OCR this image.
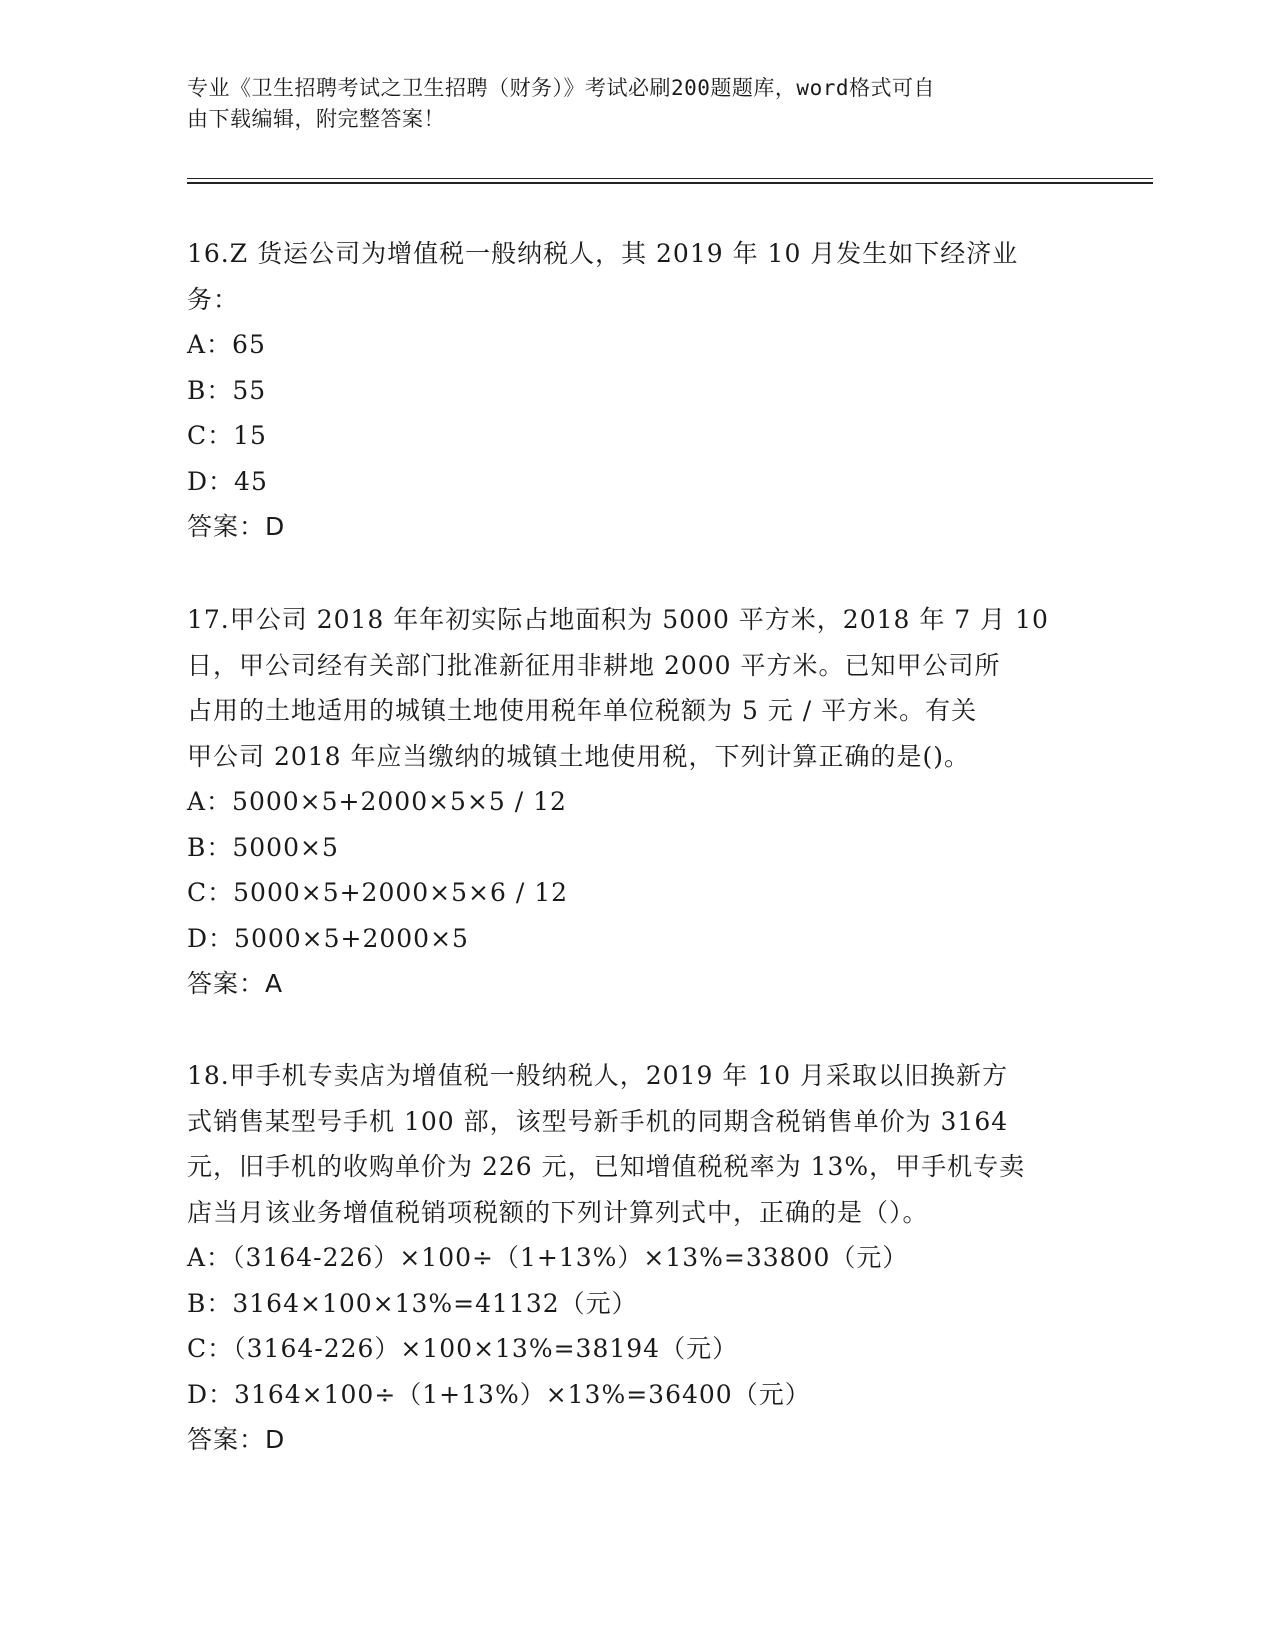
专业《卫生招聘考试之卫生招聘（财务）》考试必刷200题题库，word格式可自
由下载编辑，附完整答案！
16.Z 货运公司为增值税一般纳税人，其 2019 年 10 月发生如下经济业
务：
A：65
B：55
C：15
D：45
答案：D
17.甲公司 2018 年年初实际占地面积为 5000 平方米，2018 年 7 月 10
日，甲公司经有关部门批准新征用非耕地 2000 平方米。已知甲公司所
占用的土地适用的城镇土地使用税年单位税额为 5 元 / 平方米。有关
甲公司 2018 年应当缴纳的城镇土地使用税，下列计算正确的是()。
A：5000×5+2000×5×5 / 12
B：5000×5
C：5000×5+2000×5×6 / 12
D：5000×5+2000×5
答案：A
18.甲手机专卖店为增值税一般纳税人，2019 年 10 月采取以旧换新方
式销售某型号手机 100 部，该型号新手机的同期含税销售单价为 3164
元，旧手机的收购单价为 226 元，已知增值税税率为 13%，甲手机专卖
店当月该业务增值税销项税额的下列计算列式中，正确的是（）。
A：（3164-226）×100÷（1+13%）×13%=33800（元）
B：3164×100×13%=41132（元）
C：（3164-226）×100×13%=38194（元）
D：3164×100÷（1+13%）×13%=36400（元）
答案：D
